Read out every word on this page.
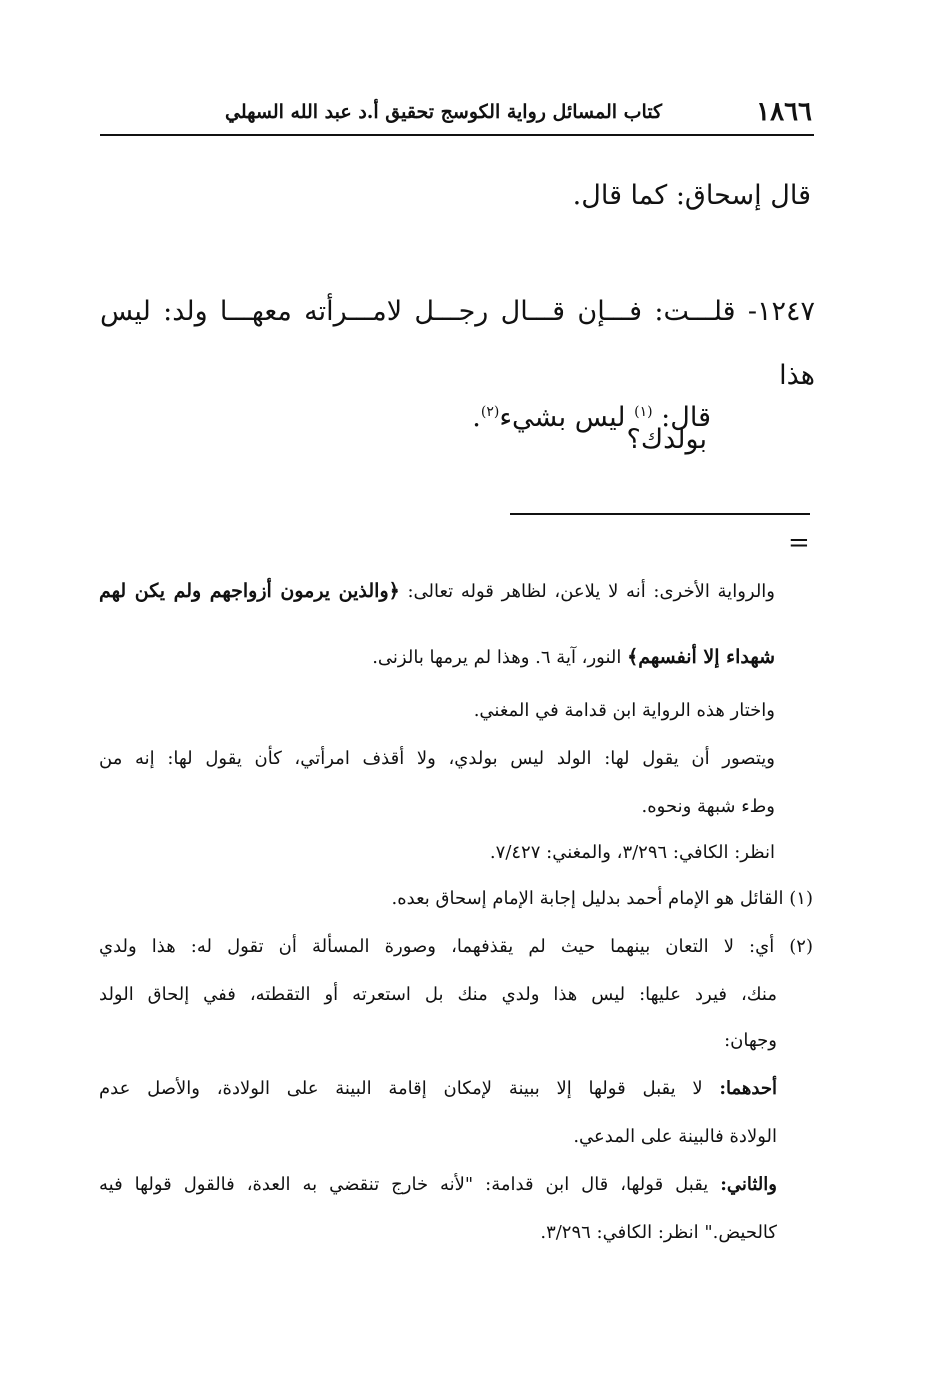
١٨٦٦
كتاب المسائل رواية الكوسج تحقيق أ.د عبد الله السهلي
قال إسحاق: كما قال.
١٢٤٧- قلـــت: فـــإن قـــال رجـــل لامـــرأته معهـــا ولد: ليس هذا
بولدك؟
قال: $^{(١)}$ ليس بشيء$^{(٢)}$.
=
والرواية الأخرى: أنه لا يلاعن، لظاهر قوله تعالى: ﴿والذين يرمون أزواجهم ولم يكن لهم
شهداء إلا أنفسهم﴾ النور، آية ٦. وهذا لم يرمها بالزنى.
واختار هذه الرواية ابن قدامة في المغني.
ويتصور أن يقول لها: الولد ليس بولدي، ولا أقذف امرأتي، كأن يقول لها: إنه من
وطء شبهة ونحوه.
انظر: الكافي: ٣/٢٩٦، والمغني: ٧/٤٢٧.
(١) القائل هو الإمام أحمد بدليل إجابة الإمام إسحاق بعده.
(٢) أي: لا التعان بينهما حيث لم يقذفهما، وصورة المسألة أن تقول له: هذا ولدي
منك، فيرد عليها: ليس هذا ولدي منك بل استعرته أو التقطته، ففي إلحاق الولد
وجهان:
أحدهما: لا يقبل قولها إلا ببينة لإمكان إقامة البينة على الولادة، والأصل عدم
الولادة فالبينة على المدعي.
والثاني: يقبل قولها، قال ابن قدامة: "لأنه خارج تنقضي به العدة، فالقول قولها فيه
كالحيض." انظر: الكافي: ٣/٢٩٦.
